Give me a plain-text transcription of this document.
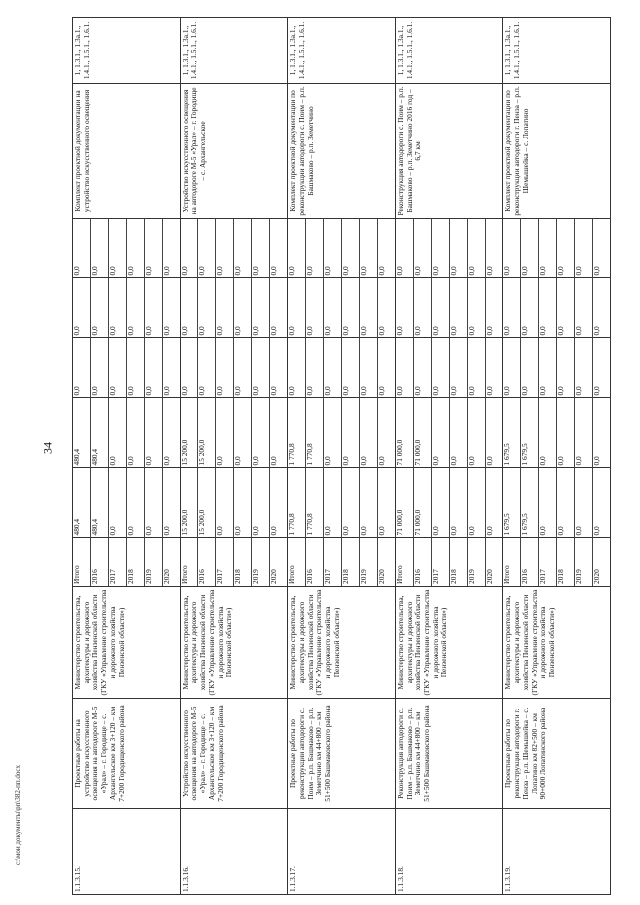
34
c:\мои документы\рп\382-пп.docx
1.1.3.15.	Проектные работы на устройство искусственного освещения на автодороге М-5 «Урал» – г. Городище – с. Архангельское км 3+120 – км 7+200 Городищенского района	Министерство строительства, архитектуры и дорожного хозяйства Пензенской области (ГКУ «Управление строительства и дорожного хозяйства Пензенской области»)	
Итого	480,4	480,4	0,0	0,0	0,0
2016	480,4	480,4	0,0	0,0	0,0
2017	0,0	0,0	0,0	0,0	0,0
2018	0,0	0,0	0,0	0,0	0,0
2019	0,0	0,0	0,0	0,0	0,0
2020	0,0	0,0	0,0	0,0	0,0
	Комплект проектной документации на устройство искусственного освещения	1, 1.3.1., 1.3а.1., 1.4.1., 1.5.1., 1.6.1.
1.1.3.16.	Устройство искусственного освещения на автодороге М-5 «Урал» – г. Городище – с. Архангельское км 3+120 – км 7+200 Городищенского района	Министерство строительства, архитектуры и дорожного хозяйства Пензенской области (ГКУ «Управление строительства и дорожного хозяйства Пензенской области»)	
Итого	15 200,0	15 200,0	0,0	0,0	0,0
2016	15 200,0	15 200,0	0,0	0,0	0,0
2017	0,0	0,0	0,0	0,0	0,0
2018	0,0	0,0	0,0	0,0	0,0
2019	0,0	0,0	0,0	0,0	0,0
2020	0,0	0,0	0,0	0,0	0,0
	Устройство искусственного освещения на автодороге М-5 «Урал» – г. Городище – с. Архангельское	1, 1.3.1., 1.3а.1., 1.4.1., 1.5.1., 1.6.1.
1.1.3.17.	Проектные работы по реконструкции автодороги с. Поим – р.п. Башмаково – р.п. Земетчино км 44+800 – км 51+500 Башмаковского района	Министерство строительства, архитектуры и дорожного хозяйства Пензенской области (ГКУ «Управление строительства и дорожного хозяйства Пензенской области»)	
Итого	1 770,8	1 770,8	0,0	0,0	0,0
2016	1 770,8	1 770,8	0,0	0,0	0,0
2017	0,0	0,0	0,0	0,0	0,0
2018	0,0	0,0	0,0	0,0	0,0
2019	0,0	0,0	0,0	0,0	0,0
2020	0,0	0,0	0,0	0,0	0,0
	Комплект проектной документации по реконструкции автодороги с. Поим – р.п. Башмаково – р.п. Земетчино	1, 1.3.1., 1.3а.1., 1.4.1., 1.5.1., 1.6.1.
1.1.3.18.	Реконструкция автодороги с. Поим – р.п. Башмаково – р.п. Земетчино км 44+800 – км 51+500 Башмаковского района	Министерство строительства, архитектуры и дорожного хозяйства Пензенской области (ГКУ «Управление строительства и дорожного хозяйства Пензенской области»)	
Итого	71 000,0	71 000,0	0,0	0,0	0,0
2016	71 000,0	71 000,0	0,0	0,0	0,0
2017	0,0	0,0	0,0	0,0	0,0
2018	0,0	0,0	0,0	0,0	0,0
2019	0,0	0,0	0,0	0,0	0,0
2020	0,0	0,0	0,0	0,0	0,0
	Реконструкция автодороги с. Поим – р.п. Башмаково – р.п. Земетчино 2016 год – 6,7 км	1, 1.3.1., 1.3а.1., 1.4.1., 1.5.1., 1.6.1.
1.1.3.19.	Проектные работы по реконструкции автодороги г. Пенза – р.п. Шемышейка – с. Лопатино км 82+500 – км 90+000 Лопатинского района	Министерство строительства, архитектуры и дорожного хозяйства Пензенской области (ГКУ «Управление строительства и дорожного хозяйства Пензенской области»)	
Итого	1 679,5	1 679,5	0,0	0,0	0,0
2016	1 679,5	1 679,5	0,0	0,0	0,0
2017	0,0	0,0	0,0	0,0	0,0
2018	0,0	0,0	0,0	0,0	0,0
2019	0,0	0,0	0,0	0,0	0,0
2020	0,0	0,0	0,0	0,0	0,0
	Комплект проектной документации по реконструкции автодороги г. Пенза – р.п. Шемышейка – с. Лопатино	1, 1.3.1., 1.3а.1., 1.4.1., 1.5.1., 1.6.1.
